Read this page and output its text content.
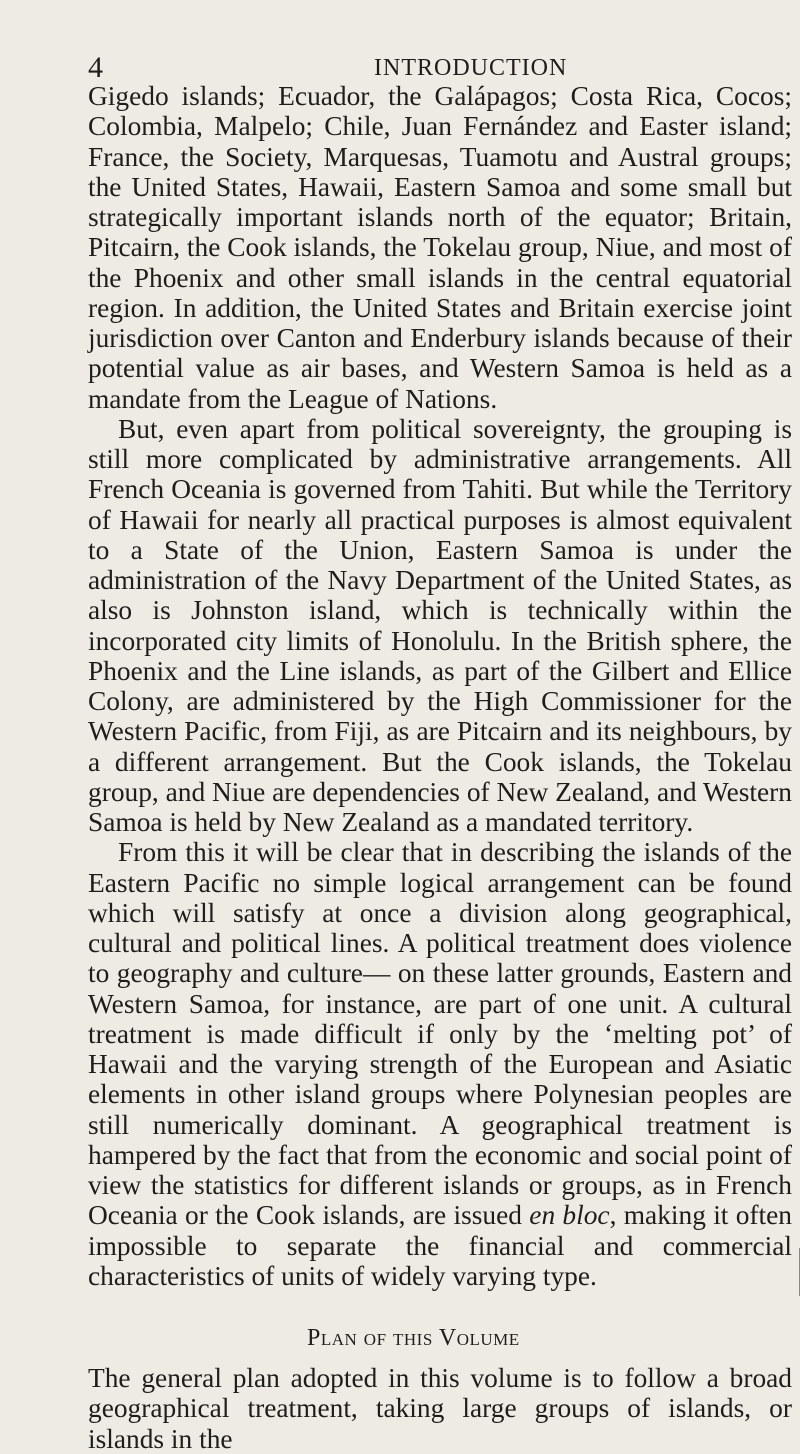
4	INTRODUCTION

Gigedo islands; Ecuador, the Galápagos; Costa Rica, Cocos; Colombia, Malpelo; Chile, Juan Fernández and Easter island; France, the Society, Marquesas, Tuamotu and Austral groups; the United States, Hawaii, Eastern Samoa and some small but strategically important islands north of the equator; Britain, Pitcairn, the Cook islands, the Tokelau group, Niue, and most of the Phoenix and other small islands in the central equatorial region. In addition, the United States and Britain exercise joint jurisdiction over Canton and Enderbury islands because of their potential value as air bases, and Western Samoa is held as a mandate from the League of Nations.

But, even apart from political sovereignty, the grouping is still more complicated by administrative arrangements. All French Oceania is governed from Tahiti. But while the Territory of Hawaii for nearly all practical purposes is almost equivalent to a State of the Union, Eastern Samoa is under the administration of the Navy Department of the United States, as also is Johnston island, which is technically within the incorporated city limits of Honolulu. In the British sphere, the Phoenix and the Line islands, as part of the Gilbert and Ellice Colony, are administered by the High Commissioner for the Western Pacific, from Fiji, as are Pitcairn and its neighbours, by a different arrangement. But the Cook islands, the Tokelau group, and Niue are dependencies of New Zealand, and Western Samoa is held by New Zealand as a mandated territory.

From this it will be clear that in describing the islands of the Eastern Pacific no simple logical arrangement can be found which will satisfy at once a division along geographical, cultural and political lines. A political treatment does violence to geography and culture— on these latter grounds, Eastern and Western Samoa, for instance, are part of one unit. A cultural treatment is made difficult if only by the ‘melting pot’ of Hawaii and the varying strength of the European and Asiatic elements in other island groups where Polynesian peoples are still numerically dominant. A geographical treatment is hampered by the fact that from the economic and social point of view the statistics for different islands or groups, as in French Oceania or the Cook islands, are issued en bloc, making it often impossible to separate the financial and commercial characteristics of units of widely varying type.

Plan of this Volume

The general plan adopted in this volume is to follow a broad geographical treatment, taking large groups of islands, or islands in the
